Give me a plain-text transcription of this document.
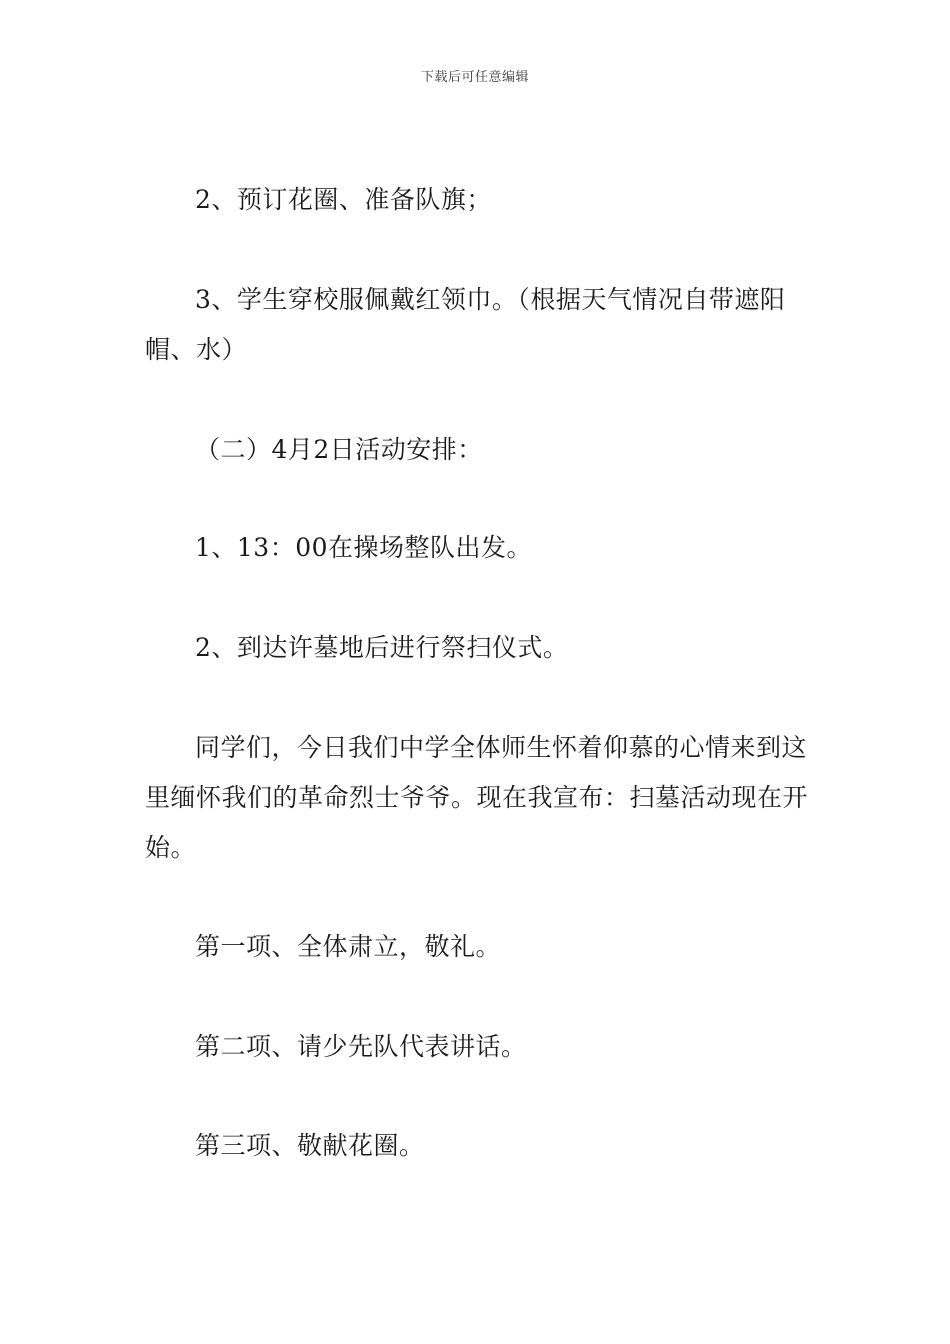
下载后可任意编辑

2、预订花圈、准备队旗；

3、学生穿校服佩戴红领巾。（根据天气情况自带遮阳帽、水）

（二）4月2日活动安排：

1、13：00在操场整队出发。

2、到达许墓地后进行祭扫仪式。

同学们，今日我们中学全体师生怀着仰慕的心情来到这里缅怀我们的革命烈士爷爷。现在我宣布：扫墓活动现在开始。

第一项、全体肃立，敬礼。

第二项、请少先队代表讲话。

第三项、敬献花圈。
